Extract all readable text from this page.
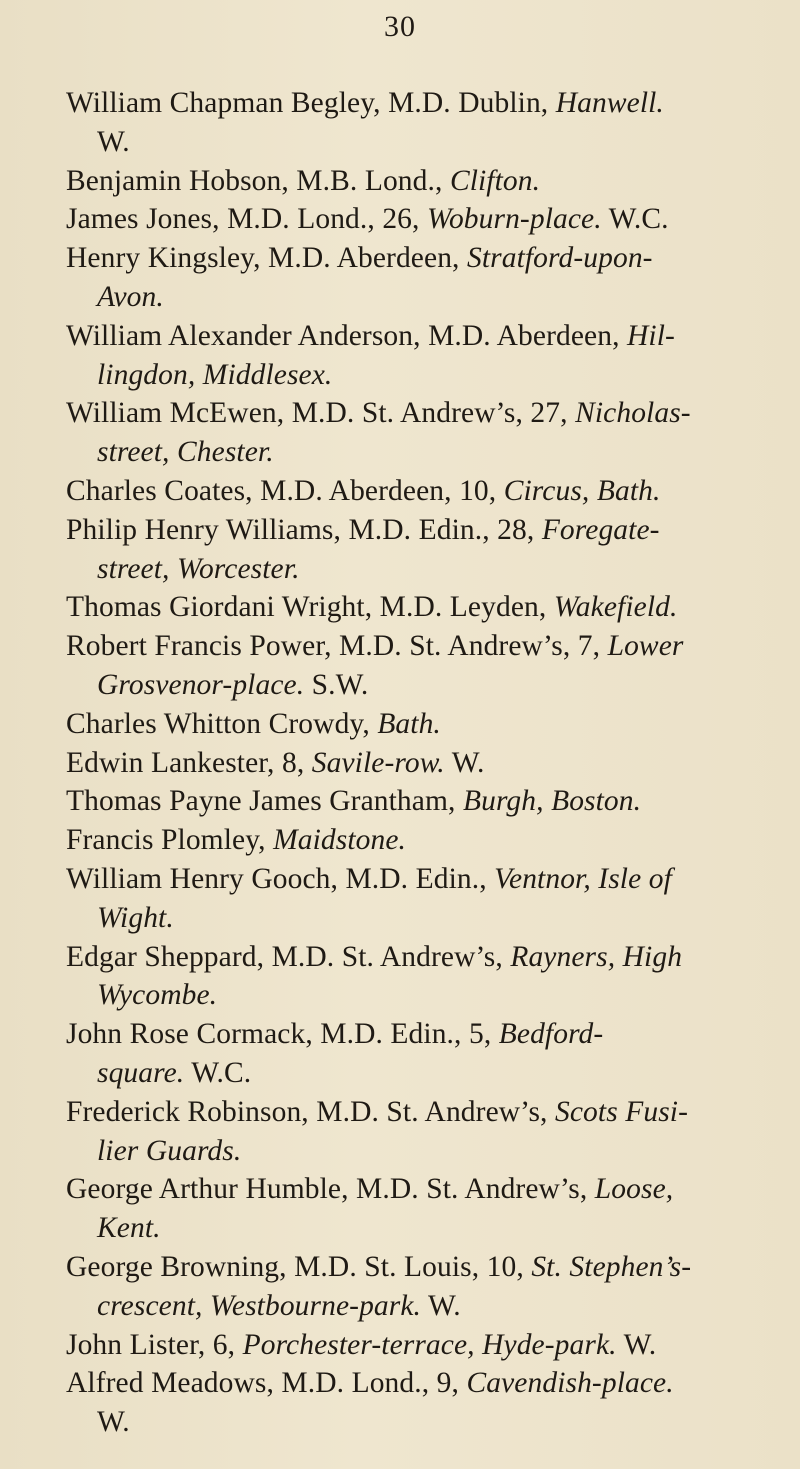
30

William Chapman Begley, M.D. Dublin, Hanwell.
W.

Benjamin Hobson, M.B. Lond., Clifton.

James Jones, M.D. Lond., 26, Woburn-place. W.C.

Henry Kingsley, M.D. Aberdeen, Stratford-upon-
Avon.

William Alexander Anderson, M.D. Aberdeen, Hil-
lingdon, Middlesex.

William McEwen, M.D. St. Andrew’s, 27, Nicholas-
street, Chester.

Charles Coates, M.D. Aberdeen, 10, Circus, Bath.

Philip Henry Williams, M.D. Edin., 28, Foregate-
street, Worcester.

Thomas Giordani Wright, M.D. Leyden, Wakefield.

Robert Francis Power, M.D. St. Andrew’s, 7, Lower
Grosvenor-place. S.W.

Charles Whitton Crowdy, Bath.

Edwin Lankester, 8, Savile-row. W.

Thomas Payne James Grantham, Burgh, Boston.

Francis Plomley, Maidstone.

William Henry Gooch, M.D. Edin., Ventnor, Isle of
Wight.

Edgar Sheppard, M.D. St. Andrew’s, Rayners, High
Wycombe.

John Rose Cormack, M.D. Edin., 5, Bedford-
square. W.C.

Frederick Robinson, M.D. St. Andrew’s, Scots Fusi-
lier Guards.

George Arthur Humble, M.D. St. Andrew’s, Loose,
Kent.

George Browning, M.D. St. Louis, 10, St. Stephen’s-
crescent, Westbourne-park. W.

John Lister, 6, Porchester-terrace, Hyde-park. W.

Alfred Meadows, M.D. Lond., 9, Cavendish-place.
W.
